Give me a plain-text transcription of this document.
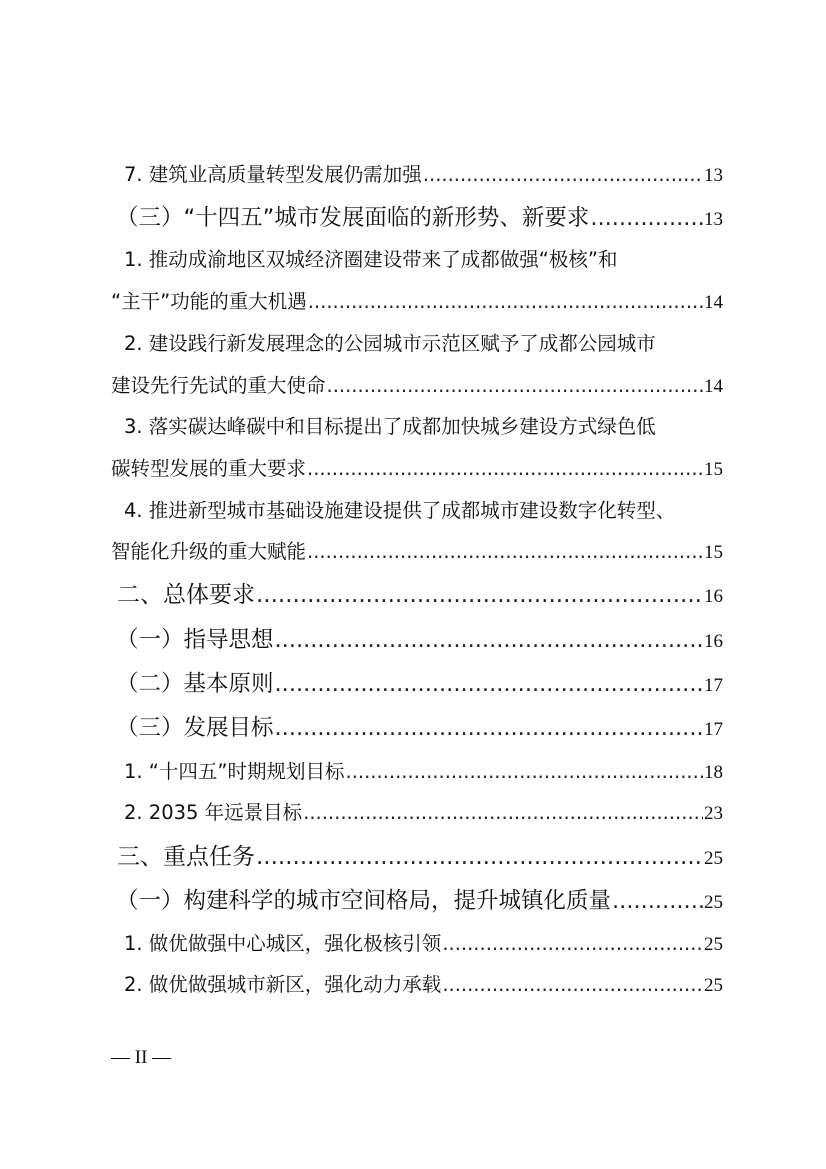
7. 建筑业高质量转型发展仍需加强 .....	13
（三）“十四五”城市发展面临的新形势、新要求 .....	13
1. 推动成渝地区双城经济圈建设带来了成都做强“极核”和
“主干”功能的重大机遇 .....	14
2. 建设践行新发展理念的公园城市示范区赋予了成都公园城市
建设先行先试的重大使命 .....	14
3. 落实碳达峰碳中和目标提出了成都加快城乡建设方式绿色低
碳转型发展的重大要求 .....	15
4. 推进新型城市基础设施建设提供了成都城市建设数字化转型、
智能化升级的重大赋能 .....	15
二、总体要求 .....	16
（一）指导思想 .....	16
（二）基本原则 .....	17
（三）发展目标 .....	17
1. “十四五”时期规划目标 .....	18
2. 2035 年远景目标 .....	23
三、重点任务 .....	25
（一）构建科学的城市空间格局，提升城镇化质量 .....	25
1. 做优做强中心城区，强化极核引领 .....	25
2. 做优做强城市新区，强化动力承载 .....	25
— II —
